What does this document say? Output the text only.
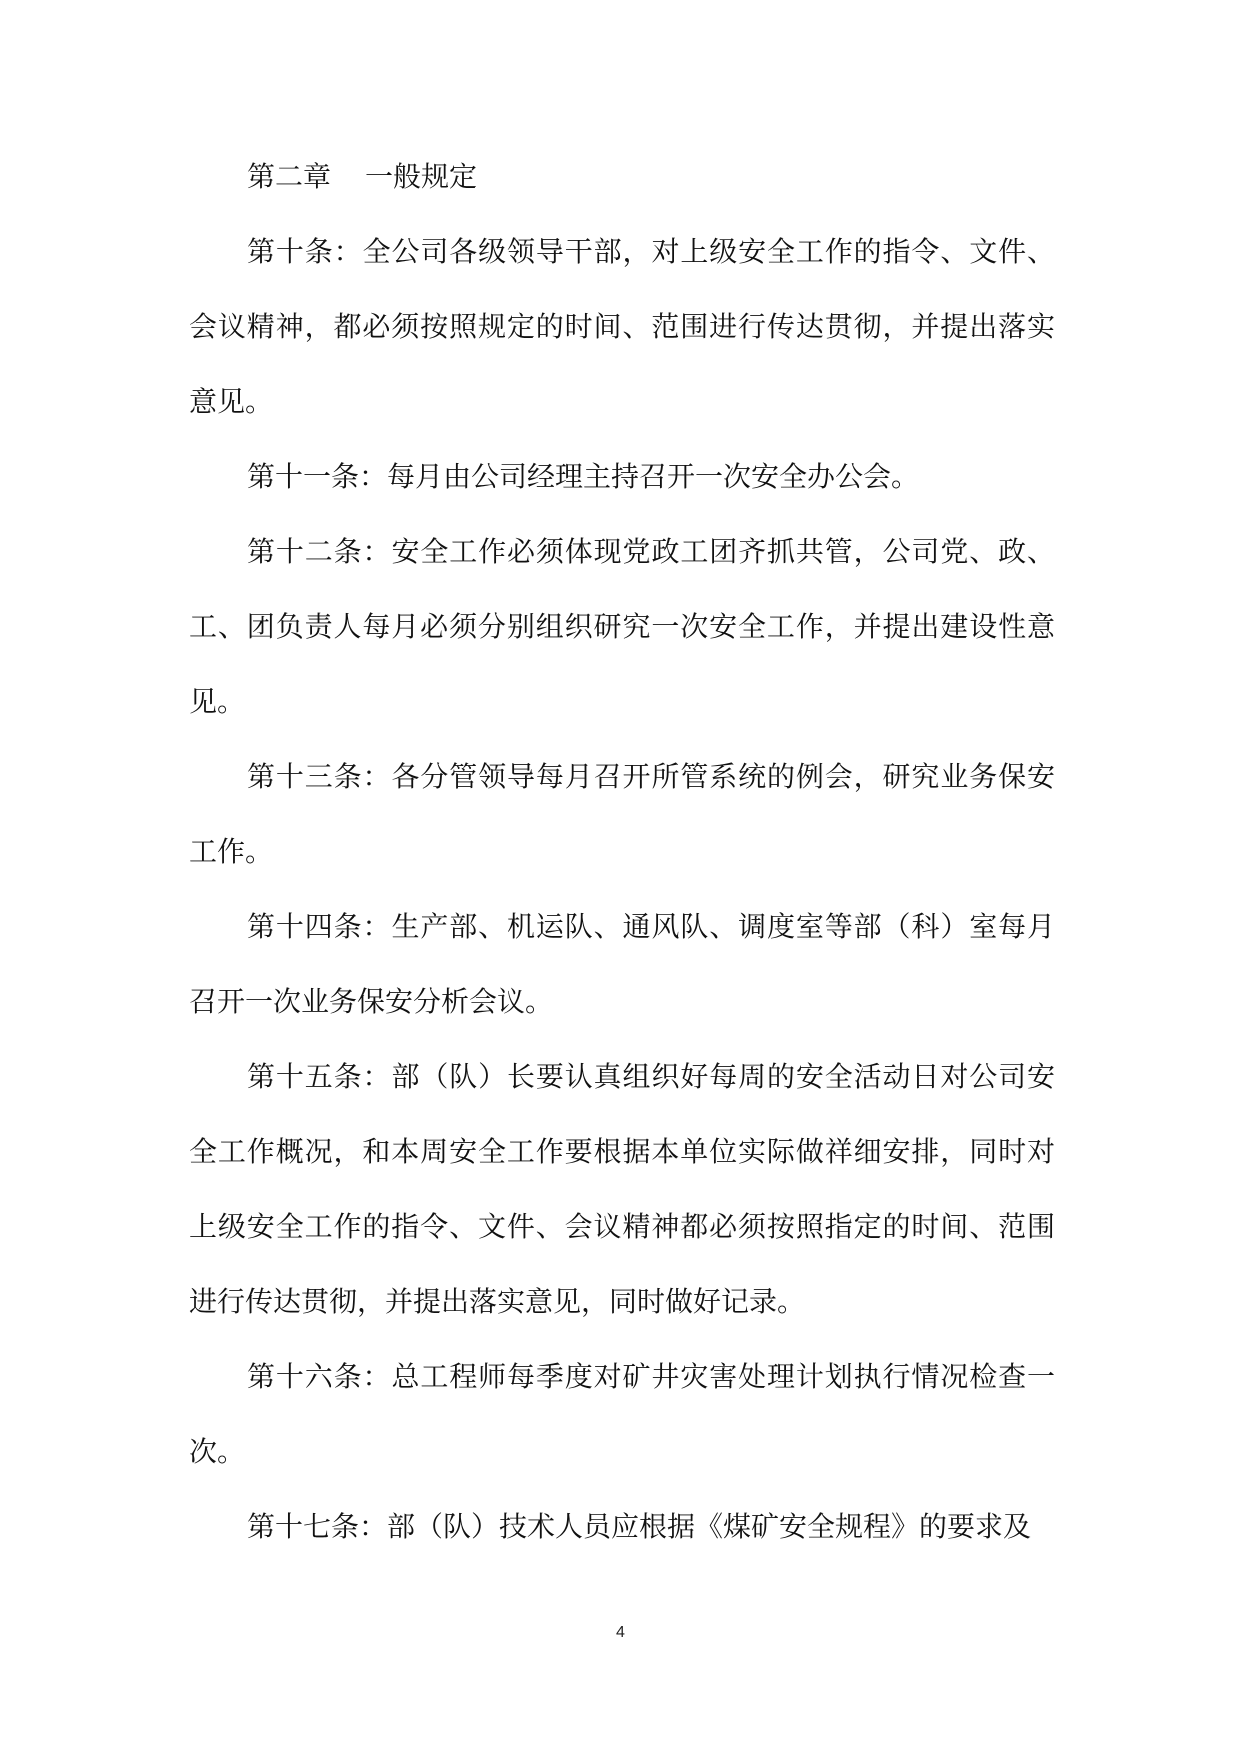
第二章 一般规定

第十条：全公司各级领导干部，对上级安全工作的指令、文件、会议精神，都必须按照规定的时间、范围进行传达贯彻，并提出落实意见。

第十一条：每月由公司经理主持召开一次安全办公会。

第十二条：安全工作必须体现党政工团齐抓共管，公司党、政、工、团负责人每月必须分别组织研究一次安全工作，并提出建设性意见。

第十三条：各分管领导每月召开所管系统的例会，研究业务保安工作。

第十四条：生产部、机运队、通风队、调度室等部（科）室每月召开一次业务保安分析会议。

第十五条：部（队）长要认真组织好每周的安全活动日对公司安全工作概况，和本周安全工作要根据本单位实际做祥细安排，同时对上级安全工作的指令、文件、会议精神都必须按照指定的时间、范围进行传达贯彻，并提出落实意见，同时做好记录。

第十六条：总工程师每季度对矿井灾害处理计划执行情况检查一次。

第十七条：部（队）技术人员应根据《煤矿安全规程》的要求及

4
